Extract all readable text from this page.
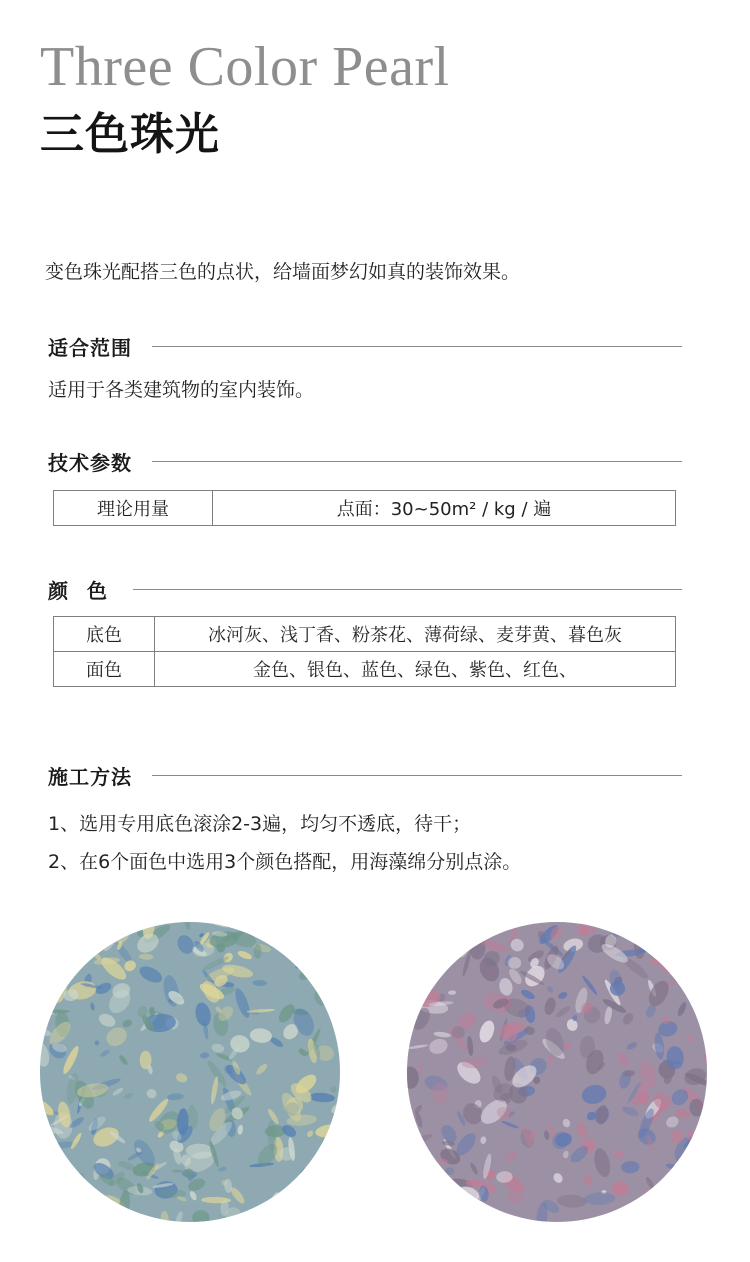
Three Color Pearl
三色珠光
变色珠光配搭三色的点状，给墙面梦幻如真的装饰效果。
适合范围
适用于各类建筑物的室内装饰。
技术参数
理论用量	点面：30~50m² / kg / 遍
颜 色
底色	冰河灰、浅丁香、粉茶花、薄荷绿、麦芽黄、暮色灰
面色	金色、银色、蓝色、绿色、紫色、红色、
施工方法
1、选用专用底色滚涂2-3遍，均匀不透底，待干；
2、在6个面色中选用3个颜色搭配，用海藻绵分别点涂。
